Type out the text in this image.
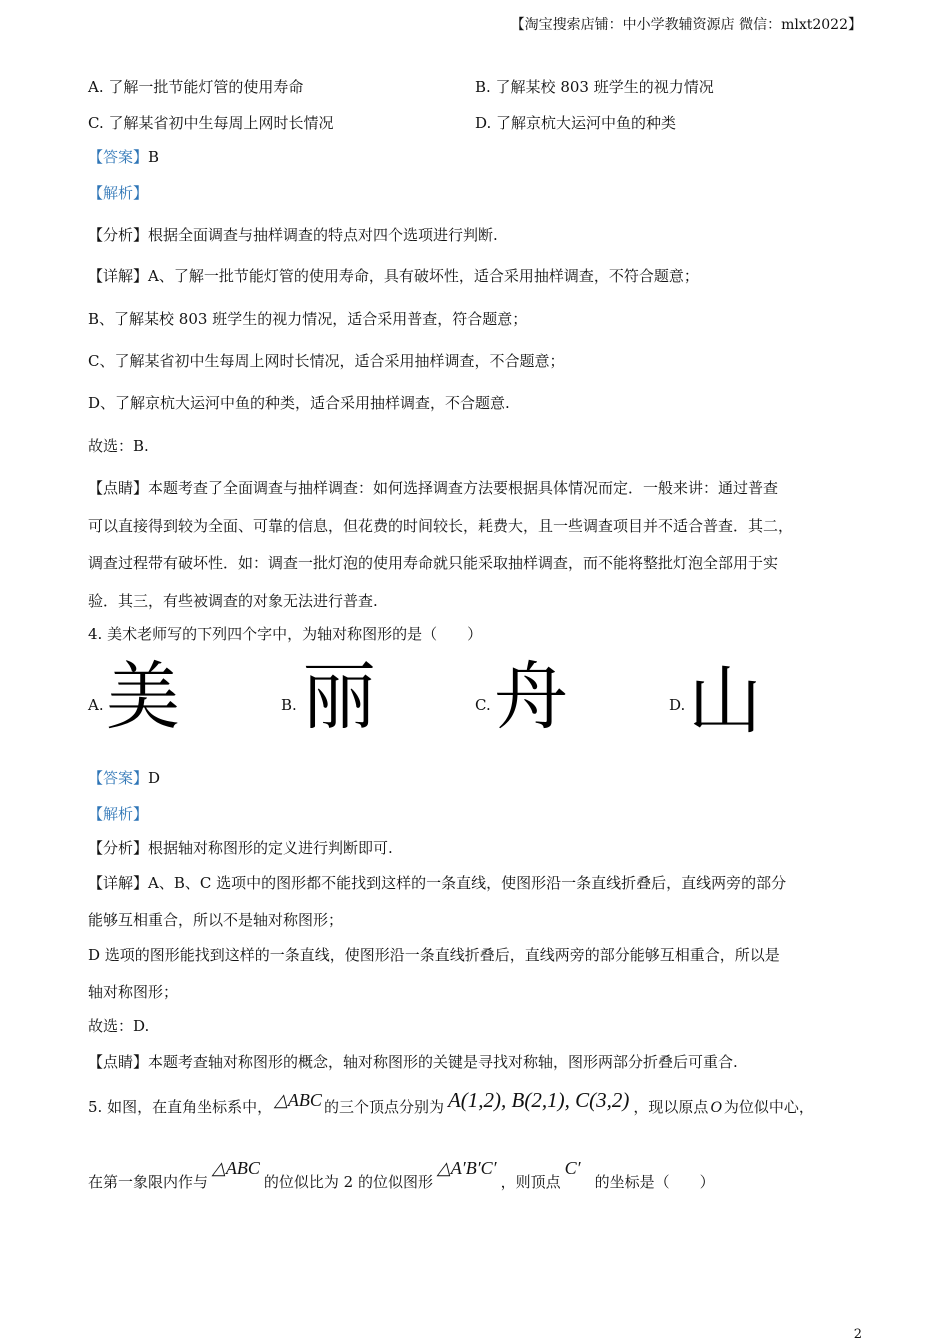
【淘宝搜索店铺：中小学教辅资源店 微信：mlxt2022】
A. 了解一批节能灯管的使用寿命	B. 了解某校 803 班学生的视力情况
C. 了解某省初中生每周上网时长情况	D. 了解京杭大运河中鱼的种类
【答案】B
【解析】
【分析】根据全面调查与抽样调查的特点对四个选项进行判断.
【详解】A、了解一批节能灯管的使用寿命，具有破坏性，适合采用抽样调查，不符合题意；
B、了解某校 803 班学生的视力情况，适合采用普查，符合题意；
C、了解某省初中生每周上网时长情况，适合采用抽样调查，不合题意；
D、了解京杭大运河中鱼的种类，适合采用抽样调查，不合题意.
故选：B.
【点睛】本题考查了全面调查与抽样调查：如何选择调查方法要根据具体情况而定．一般来讲：通过普查
可以直接得到较为全面、可靠的信息，但花费的时间较长，耗费大，且一些调查项目并不适合普查．其二，
调查过程带有破坏性．如：调查一批灯泡的使用寿命就只能采取抽样调查，而不能将整批灯泡全部用于实
验．其三，有些被调查的对象无法进行普查.
4. 美术老师写的下列四个字中，为轴对称图形的是（　　）
A. 美	B. 丽	C. 舟	D. 山
【答案】D
【解析】
【分析】根据轴对称图形的定义进行判断即可.
【详解】A、B、C 选项中的图形都不能找到这样的一条直线，使图形沿一条直线折叠后，直线两旁的部分
能够互相重合，所以不是轴对称图形；
D 选项的图形能找到这样的一条直线，使图形沿一条直线折叠后，直线两旁的部分能够互相重合，所以是
轴对称图形；
故选：D.
【点睛】本题考查轴对称图形的概念，轴对称图形的关键是寻找对称轴，图形两部分折叠后可重合.
5. 如图，在直角坐标系中， △ABC 的三个顶点分别为 A(1,2), B(2,1), C(3,2) ，现以原点 O 为位似中心，
在第一象限内作与△ABC的位似比为 2 的位似图形△A′B′C′，则顶点C′的坐标是（　　）
2
